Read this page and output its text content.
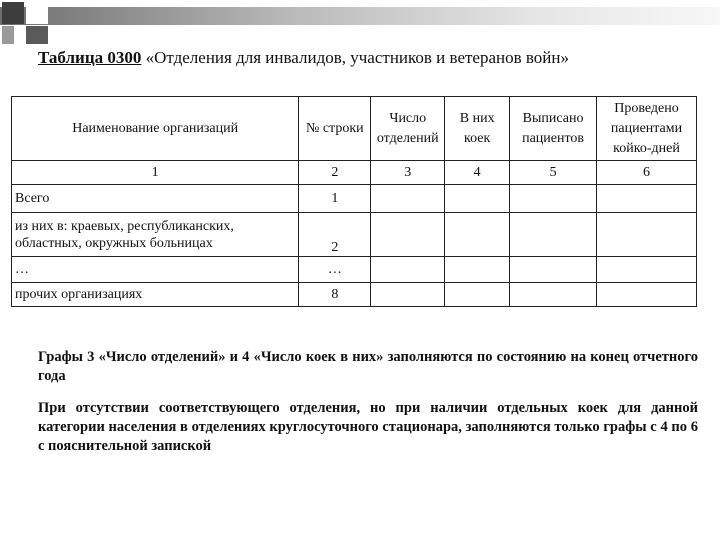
Таблица 0300 «Отделения для инвалидов, участников и ветеранов войн»
Наименование организаций	№ строки	Число отделений	В них коек	Выписано пациентов	Проведено пациентами койко-дней
1	2	3	4	5	6
Всего	1				
из них в: краевых, республиканских, областных, окружных больницах	2				
…	…				
прочих организациях	8				
Графы 3 «Число отделений» и 4 «Число коек в них» заполняются по состоянию на конец отчетного года
При отсутствии соответствующего отделения, но при наличии отдельных коек для данной категории населения в отделениях круглосуточного стационара, заполняются только графы с 4 по 6 с пояснительной запиской
